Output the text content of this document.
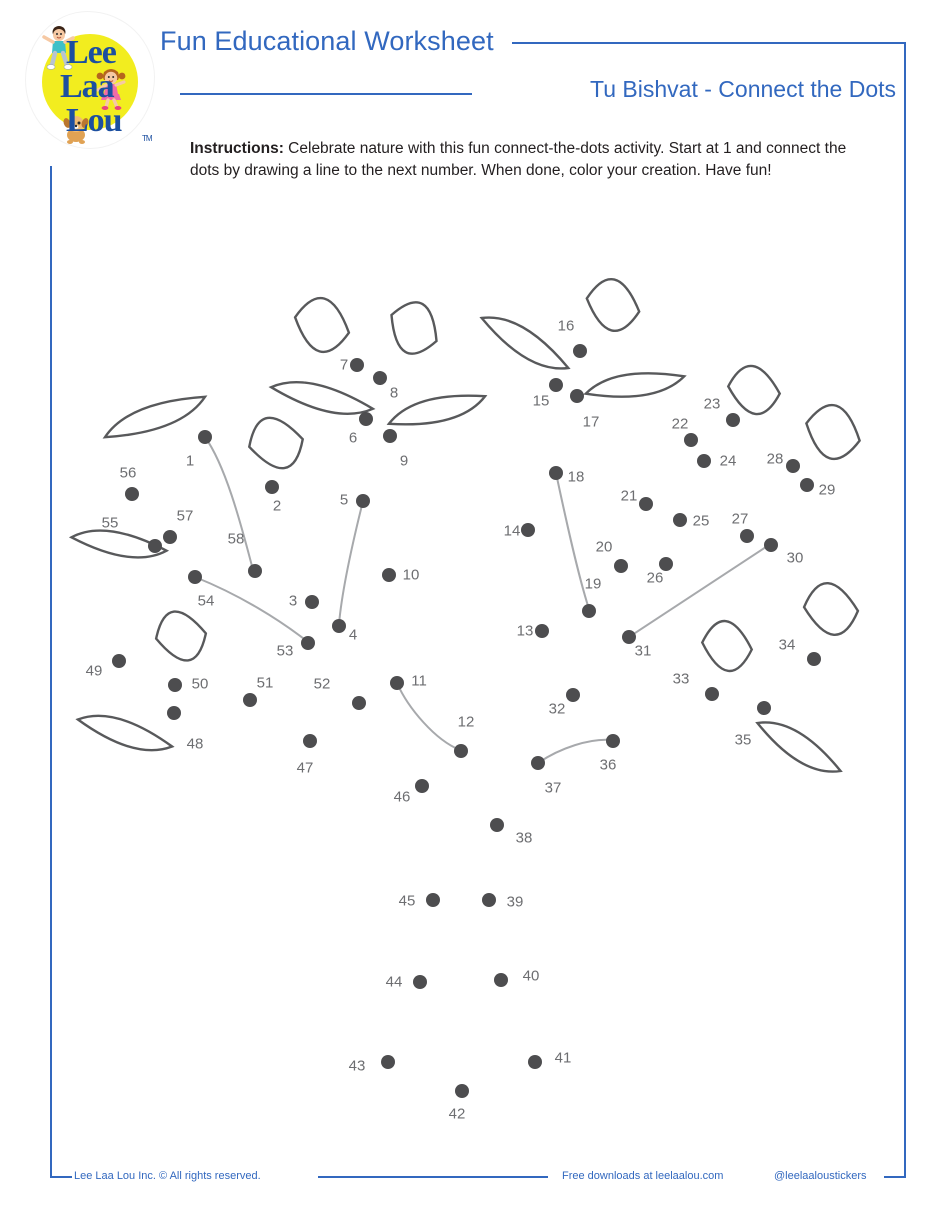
Lee
Laa
Lou	TM
Fun Educational Worksheet
Tu Bishvat - Connect the Dots
Instructions: Celebrate nature with this fun connect-the-dots activity. Start at 1 and connect the dots by drawing a line to the next number. When done, color your creation. Have fun!
1
2
3
4
5
6
7
8
9
10
11
12
13
14
15
16
17
18
19
20
21
22
23
24
25
26
27
28
29
30
31
32
33
34
35
36
37
38
39
40
41
42
43
44
45
46
47
48
49
50	51	52
53
54
55
56
57
58
Lee Laa Lou Inc. © All rights reserved.	Free downloads at leelaalou.com	@leelaaloustickers
